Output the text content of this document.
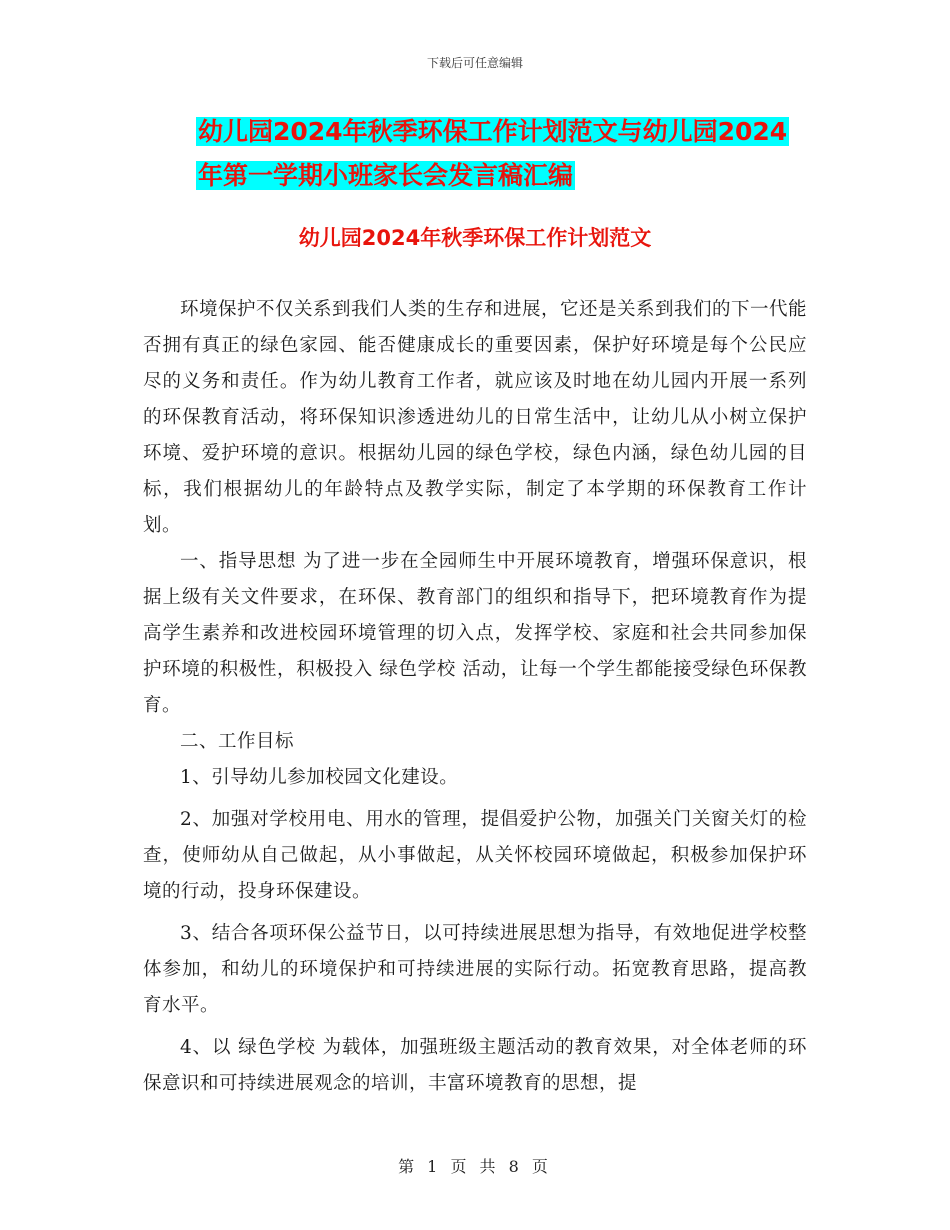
下载后可任意编辑
幼儿园2024年秋季环保工作计划范文与幼儿园2024年第一学期小班家长会发言稿汇编
幼儿园2024年秋季环保工作计划范文

环境保护不仅关系到我们人类的生存和进展，它还是关系到我们的下一代能否拥有真正的绿色家园、能否健康成长的重要因素，保护好环境是每个公民应尽的义务和责任。作为幼儿教育工作者，就应该及时地在幼儿园内开展一系列的环保教育活动，将环保知识渗透进幼儿的日常生活中，让幼儿从小树立保护环境、爱护环境的意识。根据幼儿园的绿色学校，绿色内涵，绿色幼儿园的目标，我们根据幼儿的年龄特点及教学实际，制定了本学期的环保教育工作计划。

一、指导思想 为了进一步在全园师生中开展环境教育，增强环保意识，根据上级有关文件要求，在环保、教育部门的组织和指导下，把环境教育作为提高学生素养和改进校园环境管理的切入点，发挥学校、家庭和社会共同参加保护环境的积极性，积极投入 绿色学校 活动，让每一个学生都能接受绿色环保教育。

二、工作目标

1、引导幼儿参加校园文化建设。

2、加强对学校用电、用水的管理，提倡爱护公物，加强关门关窗关灯的检查，使师幼从自己做起，从小事做起，从关怀校园环境做起，积极参加保护环境的行动，投身环保建设。

3、结合各项环保公益节日，以可持续进展思想为指导，有效地促进学校整体参加，和幼儿的环境保护和可持续进展的实际行动。拓宽教育思路，提高教育水平。

4、以 绿色学校 为载体，加强班级主题活动的教育效果，对全体老师的环保意识和可持续进展观念的培训，丰富环境教育的思想，提

第 1 页 共 8 页
